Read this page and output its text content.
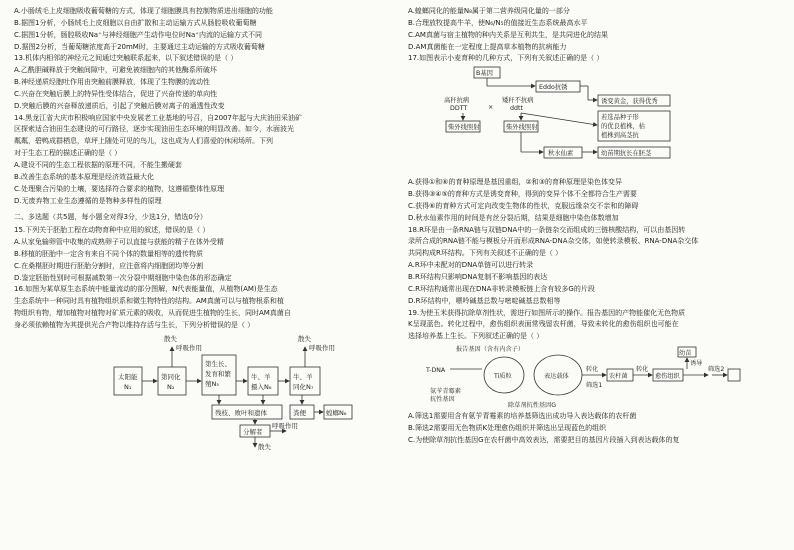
A.小肠绒毛上皮细胞吸收葡萄糖的方式，体现了细胞膜具有控制物质进出细胞的功能

B.据图1分析，小肠绒毛上皮细胞以自由扩散和主动运输方式从肠腔吸收葡萄糖

C.据图1分析，肠腔吸收Na⁺与神经细胞产生动作电位时Na⁺内流的运输方式不同

D.据图2分析，当葡萄糖浓度高于20mM时，主要通过主动运输的方式吸收葡萄糖

13.机体内相邻的神经元之间通过突触联系起来，以下叙述错误的是（ ）

A.乙酰胆碱释放于突触间隙中，可避免被细胞内的其他酶系所破坏

B.神经递质经胞吐作用由突触前膜释放，体现了生物膜的流动性

C.兴奋在突触后膜上的特异性受体结合，促进了兴奋传递的单向性

D.突触后膜的兴奋释放递质后，引起了突触后膜对离子的通透性改变

14.黑龙江省大庆市积极响应国家中央发展老工业基地的号召，自2007年起与大庆油田采油矿

区探索适合油田生态建设的可行路径，逐步实现油田生态环境的明显改善。如今，水面波光

粼粼，碧鸭成群栖息，草坪上随处可见的鸟儿，这也成为人们喜爱的休闲场所。下列

对于生态工程的描述正确的是（ ）

A.建设不同的生态工程依据的原理不同，不能生搬硬套

B.改善生态系统的基本原理是经济效益最大化

C.处理聚合污染的土壤，要选择符合要求的植物，这遵循整体性原理

D.无废弃物工业生态遵循的是物种多样性的原理

二、多选题（共5题，每小题全对得3分，少选1分，错选0分）

15.下列关于胚胎工程在动物育种中应用的叙述，错误的是（ ）

A.从家兔输卵管中收集的成熟卵子可以直接与获能的精子在体外受精

B.移植的胚胎中一定含有来自不同个体的数量相等的遗传物质

C.在桑椹胚时期进行胚胎分割时，应注意将内细胞团均等分割

D.鉴定胚胎性别时可根据减数第一次分裂中期细胞中染色体的形态确定

16.如图为某草原生态系统中能量流动的部分图解，N代表能量值，从植物(AM)是生态

生态系统中一种同时具有植物组织系和微生物特性的结构。AM真菌可以与植物根系和植

物组织有物，增加植物对植物对矿质元素的吸收，从而促进生植物的生长，同时AM真菌自

身必须依赖植物为其提供光合产物以维持存活与生长，下列分析错误的是（ ）

太阳能
N₁
第同化
N₂
第生长、
发育和繁
殖N₅
牛、羊
摄入N₆
牛、羊
同化N₇
残枝、败叶和遗体	粪便	蝗螂N₈
分解者
散失
呼吸作用
散失
呼吸作用
呼吸作用
散失

A.蝗螂同化的能量N₈属于第二营养级同化量的一部分

B.合理放牧提高牛羊，使N₆/N₅的值接近生态系统最高水平

C.AM真菌与宿主植物的种内关系是互利共生，是共同进化的结果

D.AM真菌能在一定程度上提高草本植物的抗病能力

17.如图表示小麦育种的几种方式，下列有关叙述正确的是（ ）

B基因
Eddo抗锈
高秆抗病
DDTT	×
矮秆不抗病
ddtt
诱变黄金，获得优秀
若选品种子形
的优良植株，枯
植株到高茎抗
幼苗期抗长在胚茎
柴外线照射	柴外线照射
秋水仙素

A.获得①和⑥的育种原理是基因重组，②和③的育种原理是染色体变异

B.获得③④⑤的育种方式是诱变育种，得到的变异个体不全都符合生产需要

C.获得⑥的育种方式可定向改变生物体的性状，克服远缘杂交不亲和的障碍

D.秋水仙素作用的时间是有丝分裂后期，结果是细胞中染色体数增加

18.R环是由一条RNA链与双链DNA中的一条链杂交而组成的三链核酸结构，可以由基因转

录所合成的RNA链不能与模板分开而形成RNA-DNA杂交体，如使转录模板、RNA-DNA杂交体

共同构成R环结构。下列有关叙述不正确的是（ ）

A.R环中未配对的DNA单链可以进行转录

B.R环结构只影响DNA复制不影响基因的表达

C.R环结构通常出现在DNA非转录模板链上含有较多G的片段

D.R环结构中，嘌呤碱基总数与嘧啶碱基总数相等

19.为使玉米获得抗除草剂性状，需进行如图所示的操作。报告基因的产物能催化无色物质

K呈现蓝色。转化过程中，愈伤组织表面常残留农杆菌，导致未转化的愈伤组织也可能在

选择培养基上生长。下列叙述正确的是（ ）

报告基因（含有内含子）
T-DNA
Ti质粒	表达载体
氨苄青霉素
抗性基因
除草剂抗性基因G
转化
筛选1
农杆菌
转化
愈伤组织
幼苗
筛选2
诱导

A.筛选1需要用含有氨苄青霉素的培养基筛选出成功导入表达载体的农杆菌

B.筛选2需要用无色物质K处理愈伤组织并筛选出呈现蓝色的组织

C.为使除草剂抗性基因G在农杆菌中高效表达，需要把目的基因片段插入到表达载体的复
